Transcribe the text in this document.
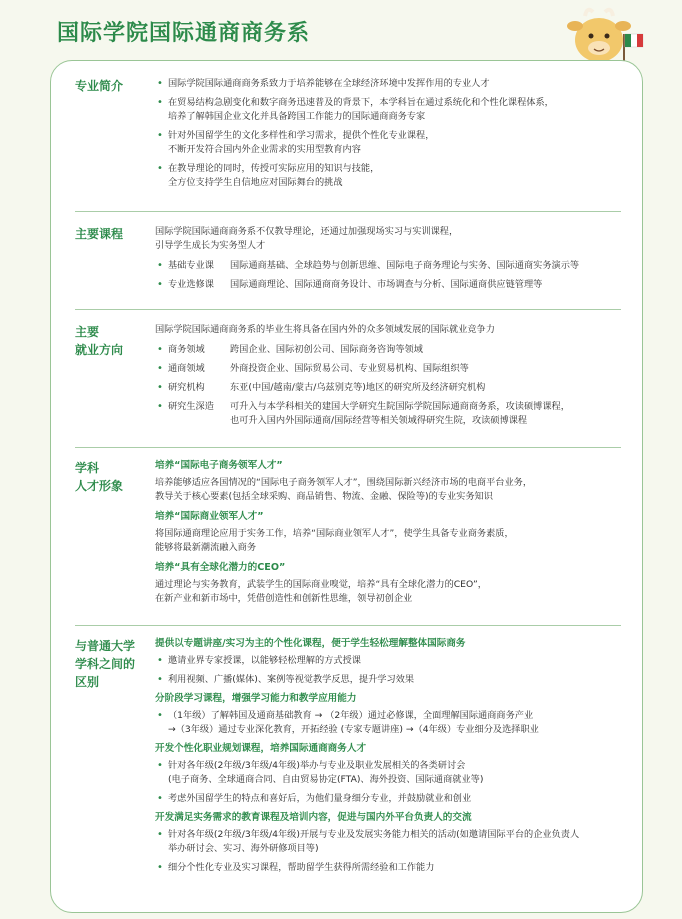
国际学院国际通商商务系
专业简介
•	国际学院国际通商商务系致力于培养能够在全球经济环境中发挥作用的专业人才
• 在贸易结构急剧变化和数字商务迅速普及的背景下，本学科旨在通过系统化和个性化课程体系，
培养了解韩国企业文化并具备跨国工作能力的国际通商商务专家
• 针对外国留学生的文化多样性和学习需求，提供个性化专业课程，
不断开发符合国内外企业需求的实用型教育内容
• 在教导理论的同时，传授可实际应用的知识与技能，
全方位支持学生自信地应对国际舞台的挑战
主要课程	国际学院国际通商商务系不仅教导理论，还通过加强现场实习与实训课程，
引导学生成长为实务型人才
• 基础专业课	国际通商基础、全球趋势与创新思维、国际电子商务理论与实务、国际通商实务演示等
• 专业选修课	国际通商理论、国际通商商务设计、市场调查与分析、国际通商供应链管理等
主要
就业方向
国际学院国际通商商务系的毕业生将具备在国内外的众多领域发展的国际就业竞争力
• 商务领域	跨国企业、国际初创公司、国际商务咨询等领域
• 通商领域	外商投资企业、国际贸易公司、专业贸易机构、国际组织等
• 研究机构	东亚(中国/越南/蒙古/乌兹别克等)地区的研究所及经济研究机构
• 研究生深造	可升入与本学科相关的建国大学研究生院国际学院国际通商商务系，攻读硕博课程，
也可升入国内外国际通商/国际经营等相关领域得研究生院，攻读硕博课程
学科
人才形象
培养“国际电子商务领军人才”
培养能够适应各国情况的“国际电子商务领军人才”，围绕国际新兴经济市场的电商平台业务，
教导关于核心要素(包括全球采购、商品销售、物流、金融、保险等)的专业实务知识
培养“国际商业领军人才”
将国际通商理论应用于实务工作，培养“国际商业领军人才”，使学生具备专业商务素质，
能够将最新潮流融入商务
培养“具有全球化潜力的CEO”
通过理论与实务教育，武装学生的国际商业嗅觉，培养“具有全球化潜力的CEO”，
在新产业和新市场中，凭借创造性和创新性思维，领导初创企业
与普通大学
学科之间的
区别
提供以专题讲座/实习为主的个性化课程，便于学生轻松理解整体国际商务
• 邀请业界专家授课，以能够轻松理解的方式授课
• 利用视频、广播(媒体)、案例等视觉教学反思，提升学习效果
分阶段学习课程，增强学习能力和教学应用能力
• （1年级）了解韩国及通商基础教育 → （2年级）通过必修课，全面理解国际通商商务产业
→（3年级）通过专业深化教育，开拓经验 (专家专题讲座) →（4年级）专业细分及选择职业
开发个性化职业规划课程，培养国际通商商务人才
• 针对各年级(2年级/3年级/4年级)举办与专业及职业发展相关的各类研讨会
(电子商务、全球通商合同、自由贸易协定(FTA)、海外投资、国际通商就业等)
• 考虑外国留学生的特点和喜好后，为他们量身细分专业，并鼓励就业和创业
开发满足实务需求的教育课程及培训内容，促进与国内外平台负责人的交流
• 针对各年级(2年级/3年级/4年级)开展与专业及发展实务能力相关的活动(如邀请国际平台的企业负责人
举办研讨会、实习、海外研修项目等)
• 细分个性化专业及实习课程，帮助留学生获得所需经验和工作能力
